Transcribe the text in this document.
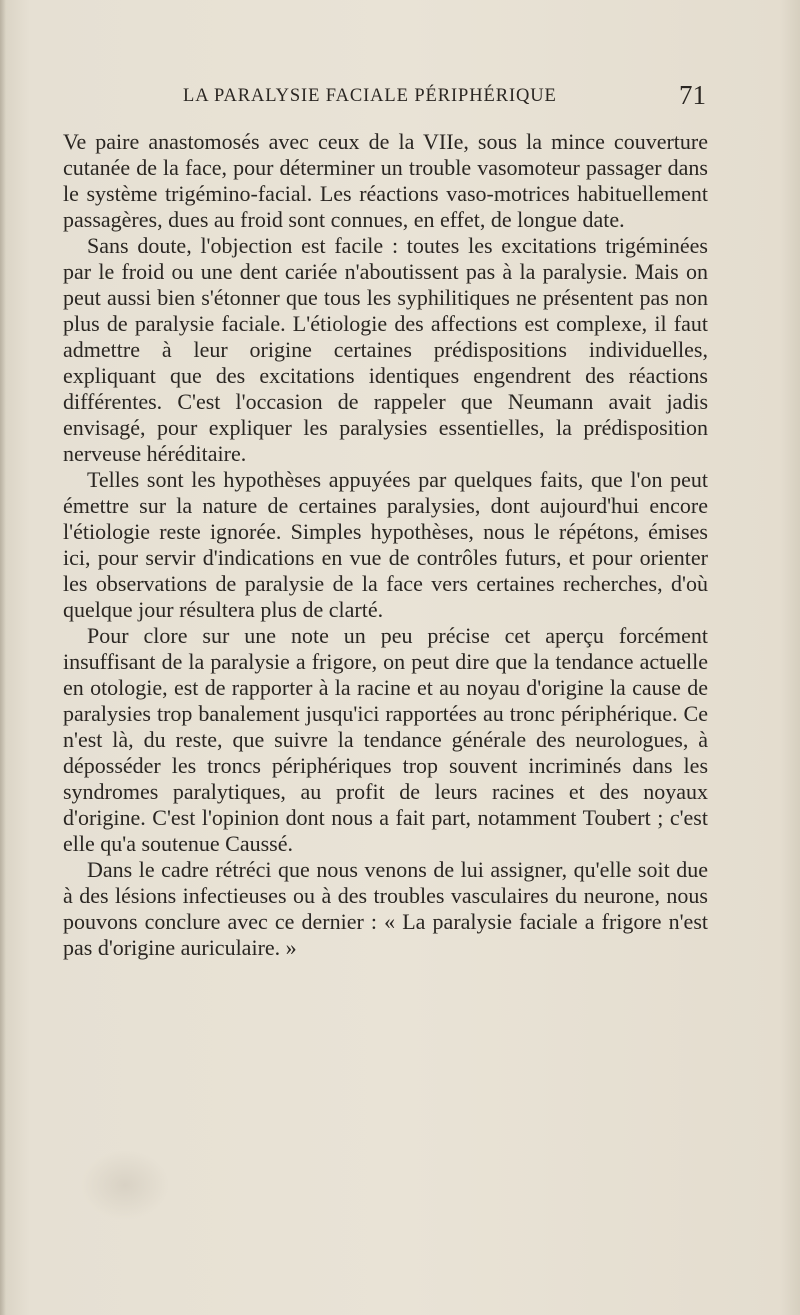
LA PARALYSIE FACIALE PÉRIPHÉRIQUE	71

Ve paire anastomosés avec ceux de la VIIe, sous la mince couverture cutanée de la face, pour déterminer un trouble vasomoteur passager dans le système trigémino-facial. Les réactions vaso-motrices habituellement passagères, dues au froid sont connues, en effet, de longue date.

Sans doute, l'objection est facile : toutes les excitations trigéminées par le froid ou une dent cariée n'aboutissent pas à la paralysie. Mais on peut aussi bien s'étonner que tous les syphilitiques ne présentent pas non plus de paralysie faciale. L'étiologie des affections est complexe, il faut admettre à leur origine certaines prédispositions individuelles, expliquant que des excitations identiques engendrent des réactions différentes. C'est l'occasion de rappeler que Neumann avait jadis envisagé, pour expliquer les paralysies essentielles, la prédisposition nerveuse héréditaire.

Telles sont les hypothèses appuyées par quelques faits, que l'on peut émettre sur la nature de certaines paralysies, dont aujourd'hui encore l'étiologie reste ignorée. Simples hypothèses, nous le répétons, émises ici, pour servir d'indications en vue de contrôles futurs, et pour orienter les observations de paralysie de la face vers certaines recherches, d'où quelque jour résultera plus de clarté.

Pour clore sur une note un peu précise cet aperçu forcément insuffisant de la paralysie a frigore, on peut dire que la tendance actuelle en otologie, est de rapporter à la racine et au noyau d'origine la cause de paralysies trop banalement jusqu'ici rapportées au tronc périphérique. Ce n'est là, du reste, que suivre la tendance générale des neurologues, à déposséder les troncs périphériques trop souvent incriminés dans les syndromes paralytiques, au profit de leurs racines et des noyaux d'origine. C'est l'opinion dont nous a fait part, notamment Toubert ; c'est elle qu'a soutenue Caussé.

Dans le cadre rétréci que nous venons de lui assigner, qu'elle soit due à des lésions infectieuses ou à des troubles vasculaires du neurone, nous pouvons conclure avec ce dernier : « La paralysie faciale a frigore n'est pas d'origine auriculaire. »
